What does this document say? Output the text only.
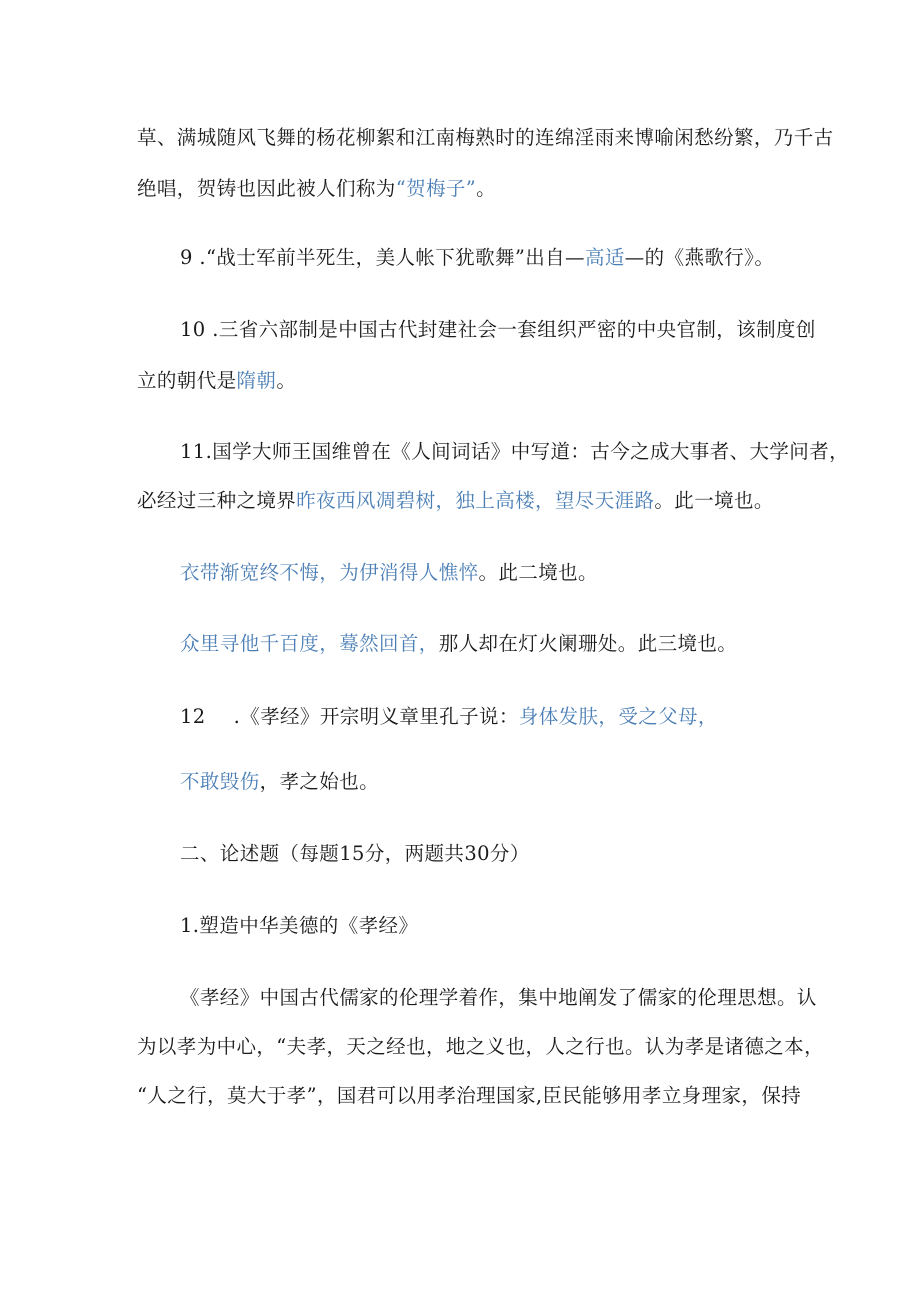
草、满城随风飞舞的杨花柳絮和江南梅熟时的连绵淫雨来博喻闲愁纷繁，乃千古
绝唱，贺铸也因此被人们称为“贺梅子”。
9 .“战士军前半死生，美人帐下犹歌舞”出自—高适—的《燕歌行》。
10 .三省六部制是中国古代封建社会一套组织严密的中央官制，该制度创
立的朝代是隋朝。
11.国学大师王国维曾在《人间词话》中写道：古今之成大事者、大学问者，
必经过三种之境界昨夜西风凋碧树，独上高楼，望尽天涯路。此一境也。
衣带渐宽终不悔，为伊消得人憔悴。此二境也。
众里寻他千百度，蓦然回首，那人却在灯火阑珊处。此三境也。
12 .《孝经》开宗明义章里孔子说：身体发肤，受之父母，
不敢毁伤，孝之始也。
二、论述题（每题15分，两题共30分）
1.塑造中华美德的《孝经》
《孝经》中国古代儒家的伦理学着作，集中地阐发了儒家的伦理思想。认
为以孝为中心，“夫孝，天之经也，地之义也，人之行也。认为孝是诸德之本，
“人之行，莫大于孝”，国君可以用孝治理国家,臣民能够用孝立身理家，保持
